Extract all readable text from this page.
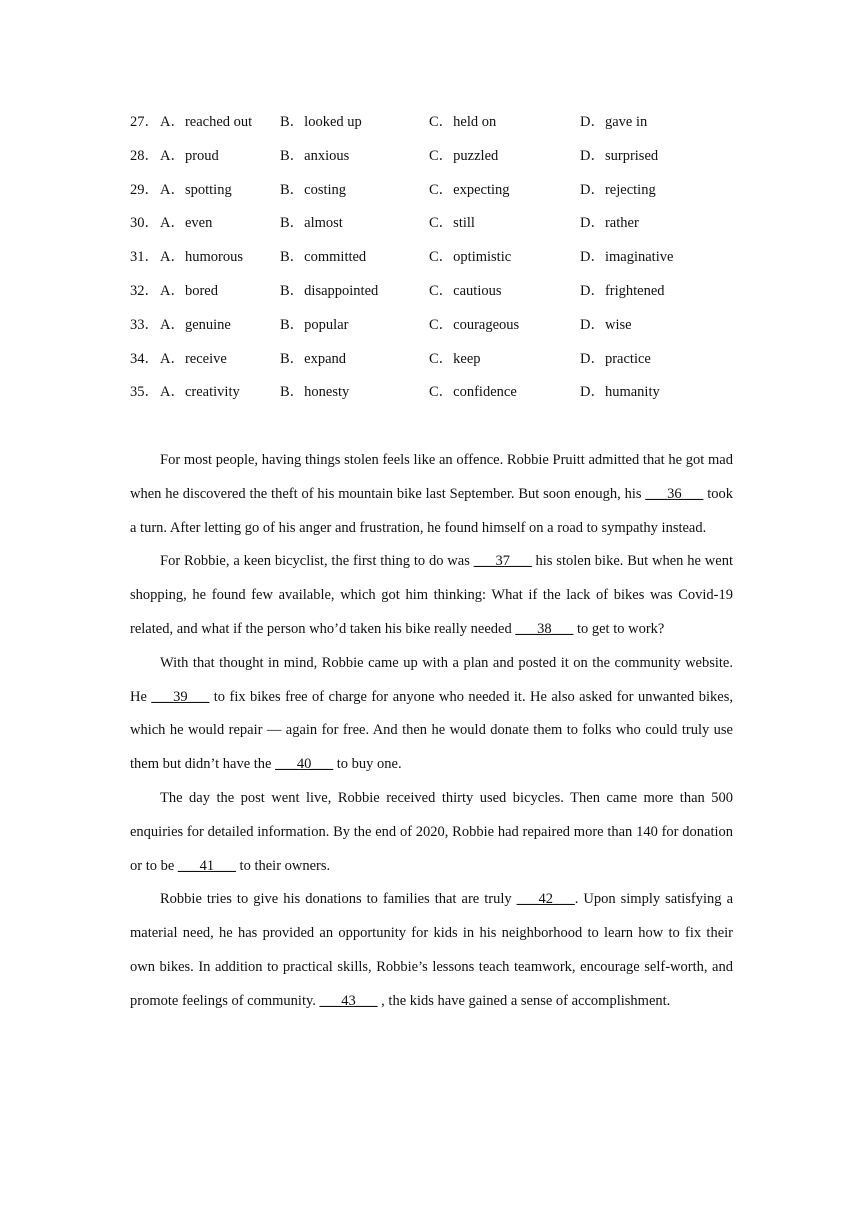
27． A．reached out B．looked up	C．held on	D．gave in
28． A．proud	B．anxious	C．puzzled	D．surprised
29． A．spotting	B．costing	C．expecting	D．rejecting
30． A．even	B．almost	C．still	D．rather
31． A．humorous	B．committed	C．optimistic	D．imaginative
32． A．bored	B．disappointed	C．cautious	D．frightened
33． A．genuine	B．popular	C．courageous	D．wise
34． A．receive	B．expand	C．keep	D．practice
35． A．creativity	B．honesty	C．confidence	D．humanity

For most people, having things stolen feels like an offence. Robbie Pruitt admitted that he got mad when he discovered the theft of his mountain bike last September. But soon enough, his ___36___ took a turn. After letting go of his anger and frustration, he found himself on a road to sympathy instead.

For Robbie, a keen bicyclist, the first thing to do was ___37___ his stolen bike. But when he went shopping, he found few available, which got him thinking: What if the lack of bikes was Covid-19 related, and what if the person who’d taken his bike really needed ___38___ to get to work?

With that thought in mind, Robbie came up with a plan and posted it on the community website. He ___39___ to fix bikes free of charge for anyone who needed it. He also asked for unwanted bikes, which he would repair — again for free. And then he would donate them to folks who could truly use them but didn’t have the ___40___ to buy one.

The day the post went live, Robbie received thirty used bicycles. Then came more than 500 enquiries for detailed information. By the end of 2020, Robbie had repaired more than 140 for donation or to be ___41___ to their owners.

Robbie tries to give his donations to families that are truly ___42___. Upon simply satisfying a material need, he has provided an opportunity for kids in his neighborhood to learn how to fix their own bikes. In addition to practical skills, Robbie’s lessons teach teamwork, encourage self-worth, and promote feelings of community. ___43___ , the kids have gained a sense of accomplishment.
